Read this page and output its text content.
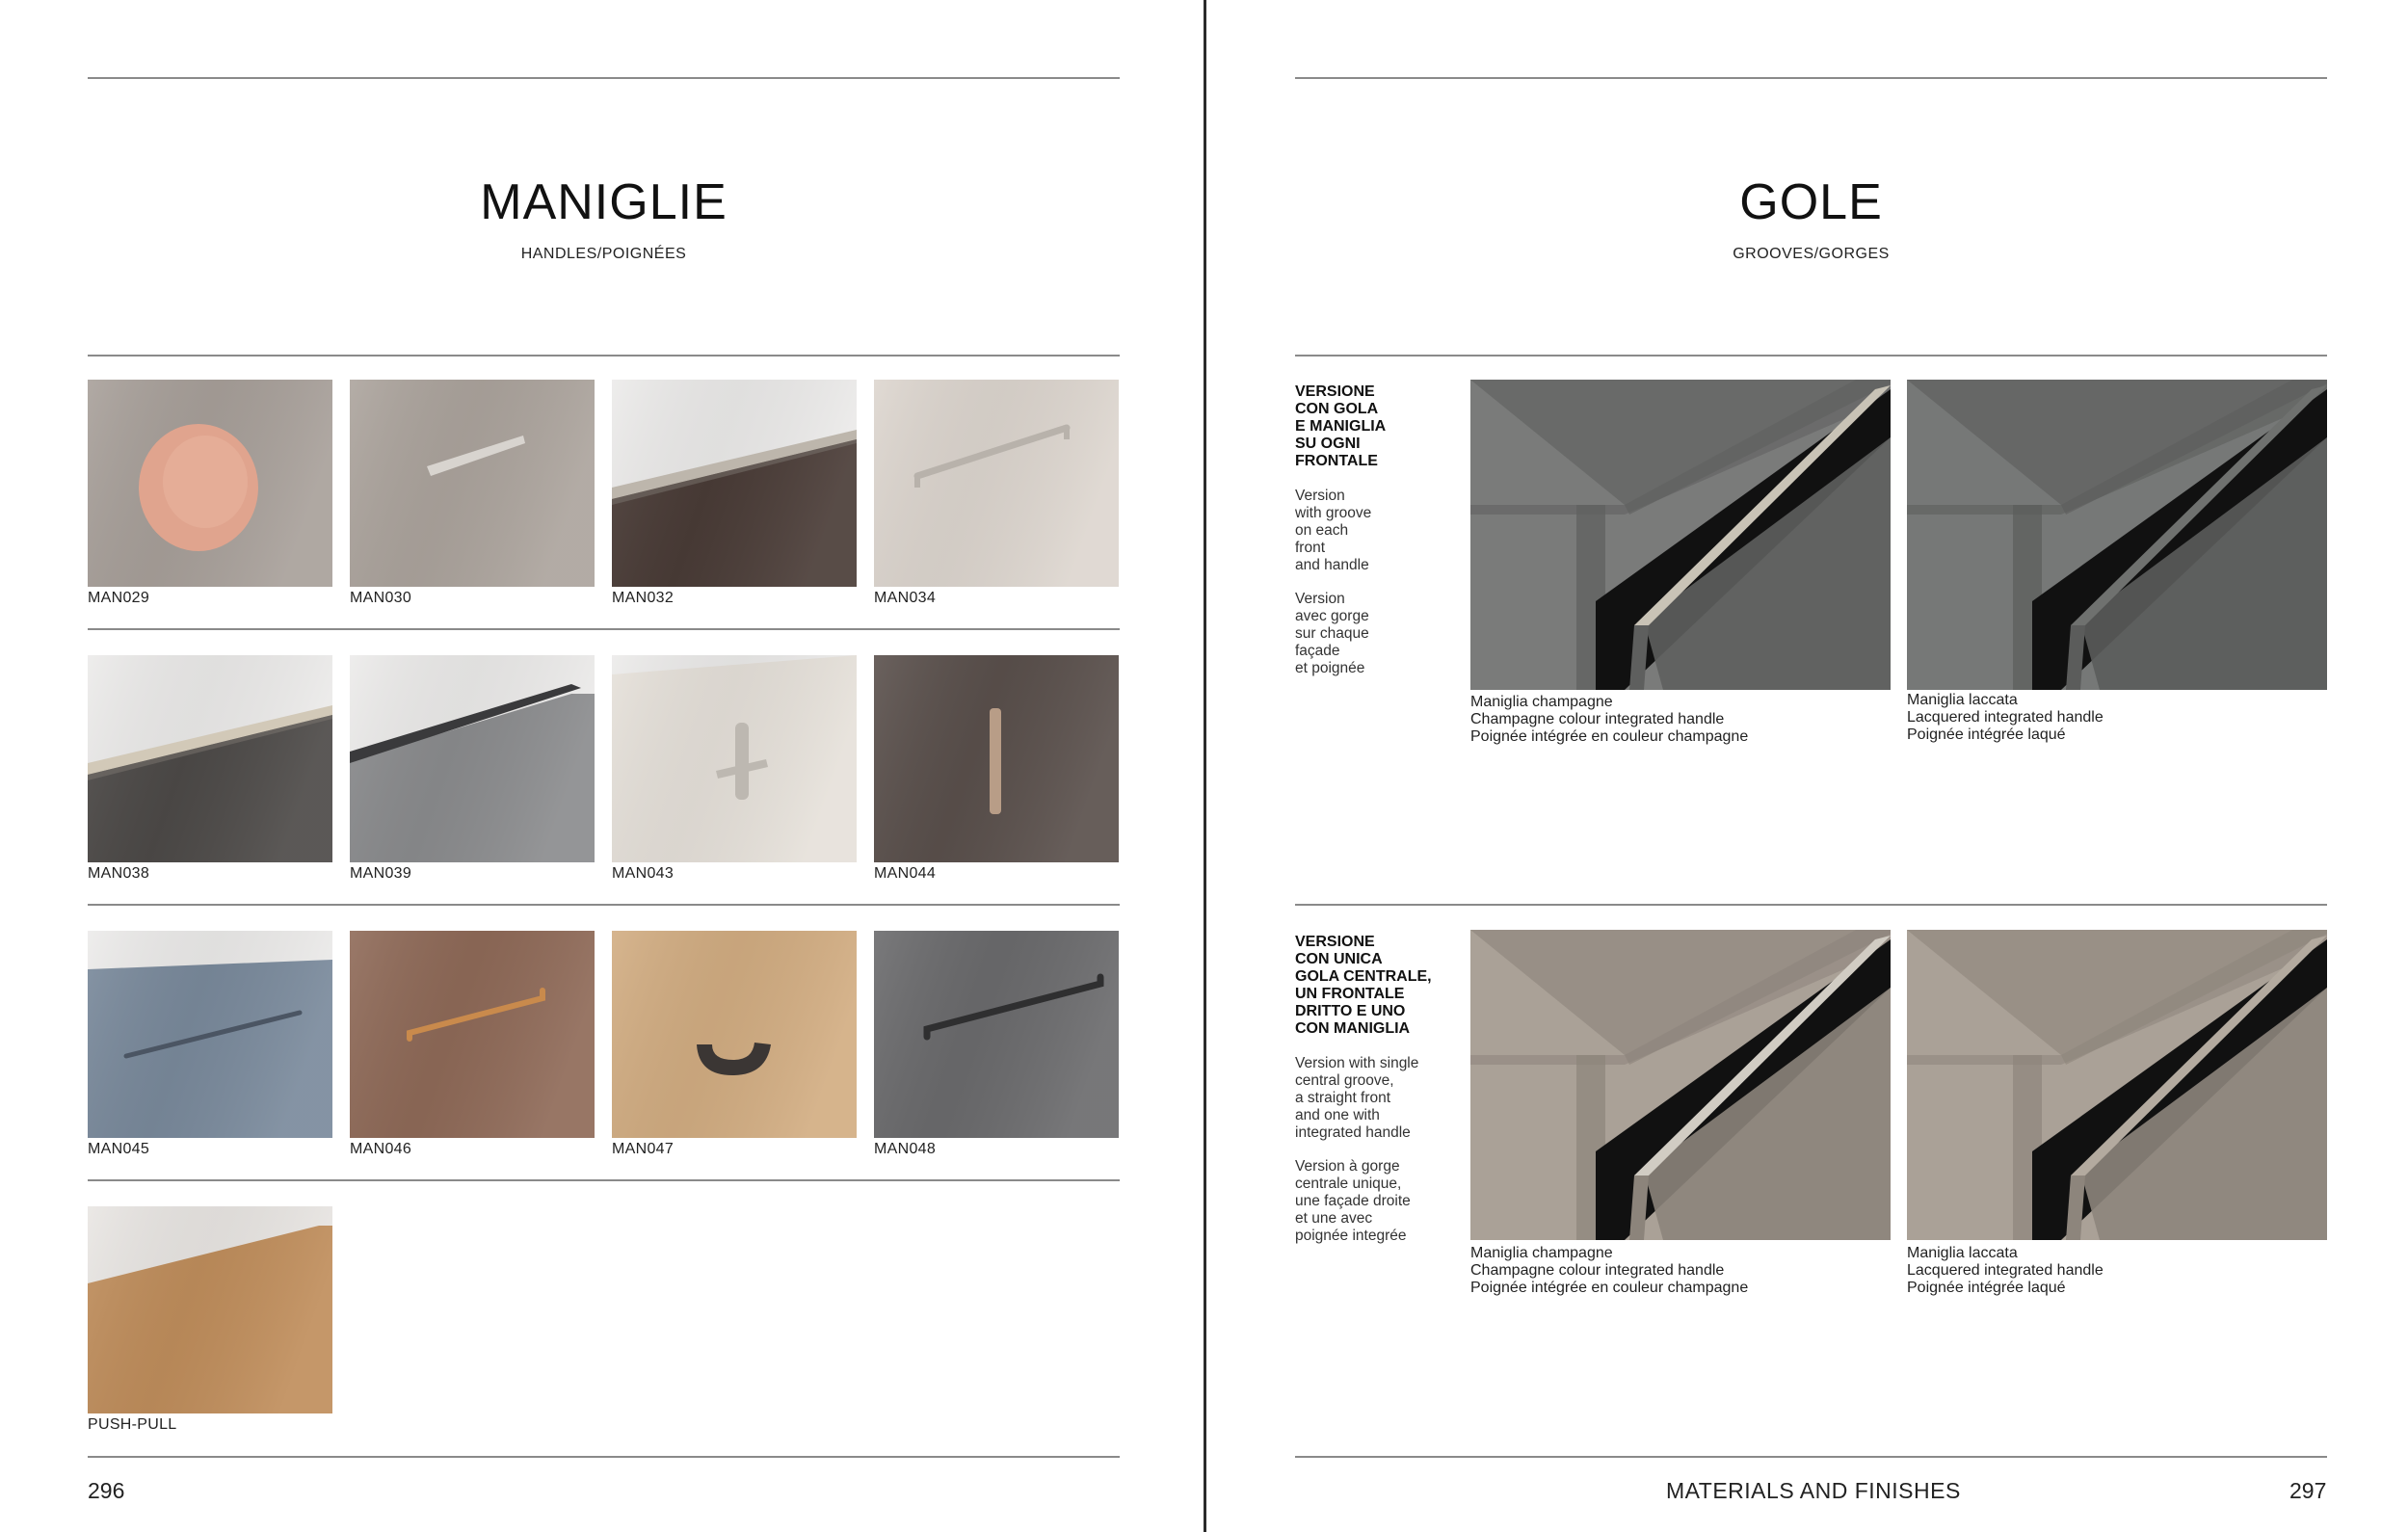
MANIGLIE
HANDLES/POIGNÉES
MAN029	MAN030	MAN032	MAN034
MAN038	MAN039	MAN043	MAN044
MAN045	MAN046	MAN047	MAN048
PUSH-PULL
296
GOLE
GROOVES/GORGES
VERSIONE
CON GOLA
E MANIGLIA
SU OGNI
FRONTALE
Version
with groove
on each
front
and handle
Version
avec gorge
sur chaque
façade
et poignée
Maniglia champagne
Champagne colour integrated handle
Poignée intégrée en couleur champagne
Maniglia laccata
Lacquered integrated handle
Poignée intégrée laqué
VERSIONE
CON UNICA
GOLA CENTRALE,
UN FRONTALE
DRITTO E UNO
CON MANIGLIA
Version with single
central groove,
a straight front
and one with
integrated handle
Version à gorge
centrale unique,
une façade droite
et une avec
poignée integrée
Maniglia champagne
Champagne colour integrated handle
Poignée intégrée en couleur champagne
Maniglia laccata
Lacquered integrated handle
Poignée intégrée laqué
MATERIALS AND FINISHES	297
